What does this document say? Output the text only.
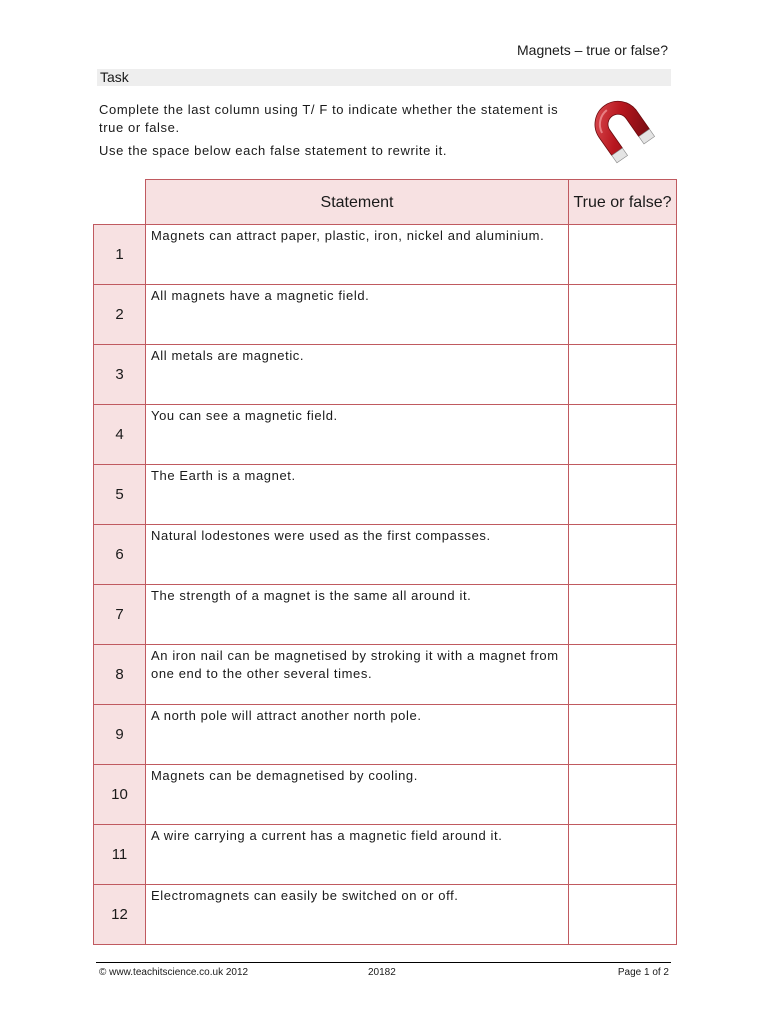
Magnets – true or false?
Task

Complete the last column using T/ F to indicate whether the statement is true or false.

Use the space below each false statement to rewrite it.

	Statement	True or false?
1	Magnets can attract paper, plastic, iron, nickel and aluminium.	
2	All magnets have a magnetic field.	
3	All metals are magnetic.	
4	You can see a magnetic field.	
5	The Earth is a magnet.	
6	Natural lodestones were used as the first compasses.	
7	The strength of a magnet is the same all around it.	
8	An iron nail can be magnetised by stroking it with a magnet from one end to the other several times.	
9	A north pole will attract another north pole.	
10	Magnets can be demagnetised by cooling.	
11	A wire carrying a current has a magnetic field around it.	
12	Electromagnets can easily be switched on or off.	
© www.teachitscience.co.uk 2012	20182	Page 1 of 2
